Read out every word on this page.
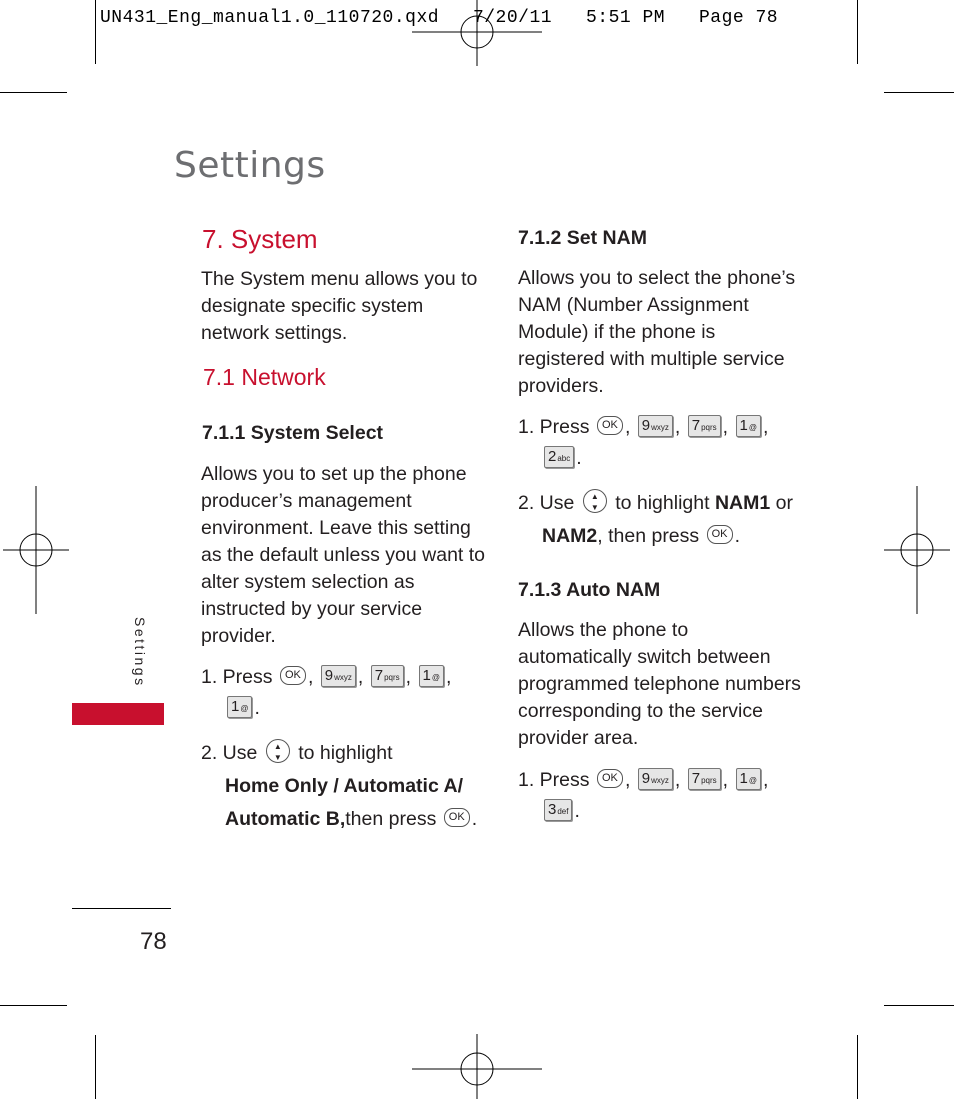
UN431_Eng_manual1.0_110720.qxd   7/20/11   5:51 PM   Page 78
Settings
Settings
7. System
The System menu allows you to
designate specific system
network settings.
7.1 Network
7.1.1 System Select
Allows you to set up the phone
producer’s management
environment. Leave this setting
as the default unless you want to
alter system selection as
instructed by your service
provider.
1. Press OK , 9wxyz , 7pqrs , 1@ ,
1@ .
2. Use	▲
▼ to highlight
Home Only / Automatic A/
Automatic B,then press OK .
7.1.2 Set NAM
Allows you to select the phone’s
NAM (Number Assignment
Module) if the phone is
registered with multiple service
providers.
1. Press OK , 9wxyz , 7pqrs , 1@ ,
2abc .
2. Use	▲
▼ to highlight NAM1 or
NAM2, then press OK .
7.1.3 Auto NAM
Allows the phone to
automatically switch between
programmed telephone numbers
corresponding to the service
provider area.
1. Press OK , 9wxyz , 7pqrs , 1@ ,
3def .
78
